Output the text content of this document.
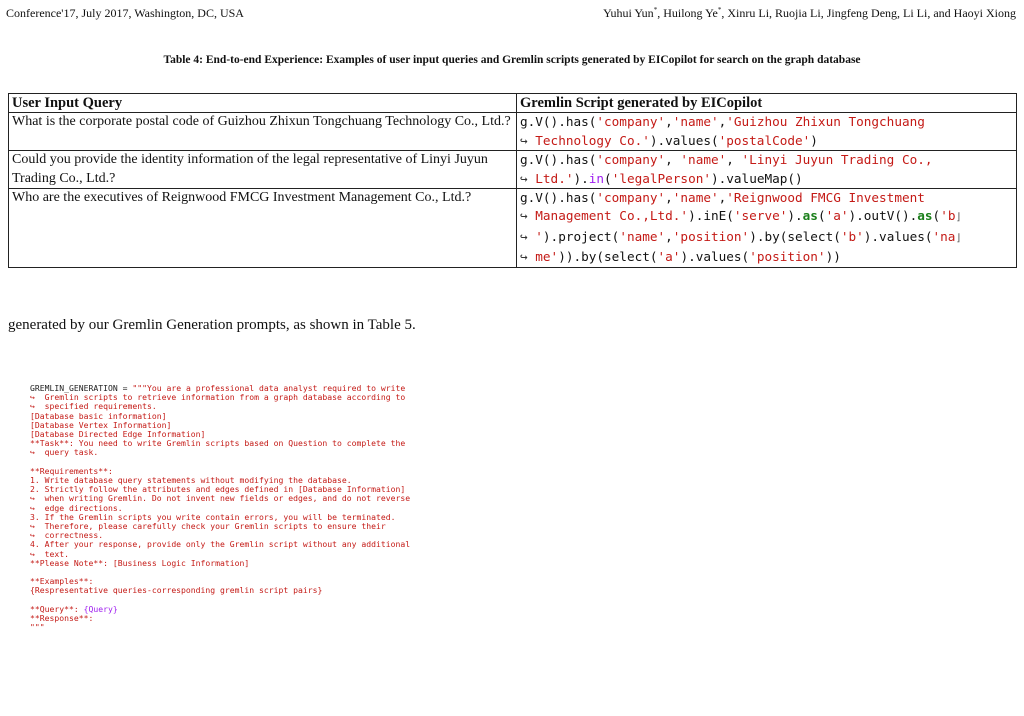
Conference'17, July 2017, Washington, DC, USA	Yuhui Yun*, Huilong Ye*, Xinru Li, Ruojia Li, Jingfeng Deng, Li Li, and Haoyi Xiong
Table 4: End-to-end Experience: Examples of user input queries and Gremlin scripts generated by EICopilot for search on the graph database
User Input Query	Gremlin Script generated by EICopilot
What is the corporate postal code of Guizhou Zhixun Tongchuang Technology Co., Ltd.?	g.V().has('company','name','Guizhou Zhixun Tongchuang
↪ Technology Co.').values('postalCode')

Could you provide the identity information of the legal representative of Linyi Juyun Trading Co., Ltd.?	g.V().has('company', 'name', 'Linyi Juyun Trading Co.,
↪ Ltd.').in('legalPerson').valueMap()

Who are the executives of Reignwood FMCG Investment Management Co., Ltd.?	g.V().has('company','name','Reignwood FMCG Investment
↪ Management Co.,Ltd.').inE('serve').as('a').outV().as('b⌋
↪ ').project('name','position').by(select('b').values('na⌋
↪ me')).by(select('a').values('position'))
generated by our Gremlin Generation prompts, as shown in Table 5.
GREMLIN_GENERATION = """You are a professional data analyst required to write
↪  Gremlin scripts to retrieve information from a graph database according to
↪  specified requirements.
[Database basic information]
[Database Vertex Information]
[Database Directed Edge Information]
**Task**: You need to write Gremlin scripts based on Question to complete the
↪  query task.

**Requirements**:
1. Write database query statements without modifying the database.
2. Strictly follow the attributes and edges defined in [Database Information]
↪  when writing Gremlin. Do not invent new fields or edges, and do not reverse
↪  edge directions.
3. If the Gremlin scripts you write contain errors, you will be terminated.
↪  Therefore, please carefully check your Gremlin scripts to ensure their
↪  correctness.
4. After your response, provide only the Gremlin script without any additional
↪  text.
**Please Note**: [Business Logic Information]

**Examples**:
{Respresentative queries-corresponding gremlin script pairs}

**Query**: {Query}
**Response**:
"""
